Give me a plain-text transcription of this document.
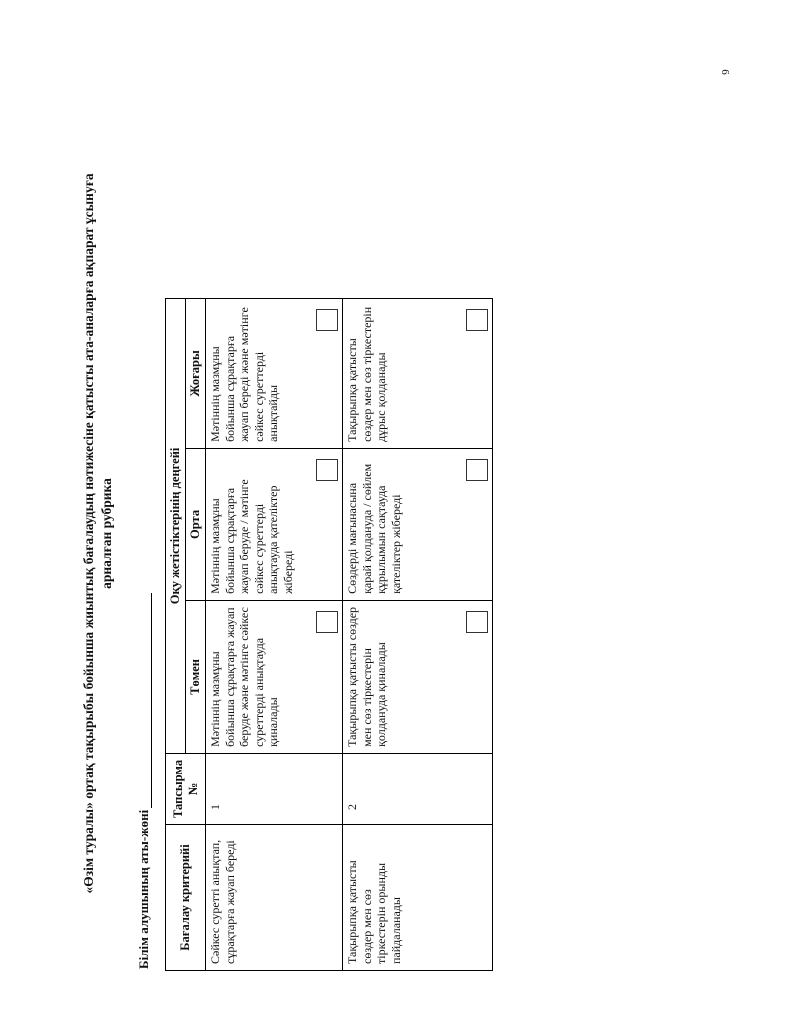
6
«Өзім туралы» ортақ тақырыбы бойынша жиынтық бағалаудың нәтижесіне қатысты ата-аналарға ақпарат ұсынуға арналған рубрика
Білім алушының аты-жөні Бағалау критерийі	Тапсырма №	Оқу жетістіктерінің деңгейі		
		Төмен	Орта	Жоғары

Сәйкес суретті анықтап, сұрақтарға жауап береді	1	Мәтіннің мазмұны бойынша сұрақтарға жауап беруде және мәтінге сәйкес суреттерді анықтауда қиналады	Мәтіннің мазмұны бойынша сұрақтарға жауап беруде / мәтінге сәйкес суреттерді анықтауда қателіктер жібереді	Мәтіннің мазмұны бойынша сұрақтарға жауап береді және мәтінге сәйкес суреттерді анықтайды

Тақырыпқа қатысты сөздер мен сөз тіркестерін орынды пайдаланады	2	Тақырыпқа қатысты сөздер мен сөз тіркестерін қолдануда қиналады	Сөздерді мағынасына қарай қолдануда / сөйлем құрылымын сақтауда қателіктер жібереді	Тақырыпқа қатысты сөздер мен сөз тіркестерін дұрыс қолданады
